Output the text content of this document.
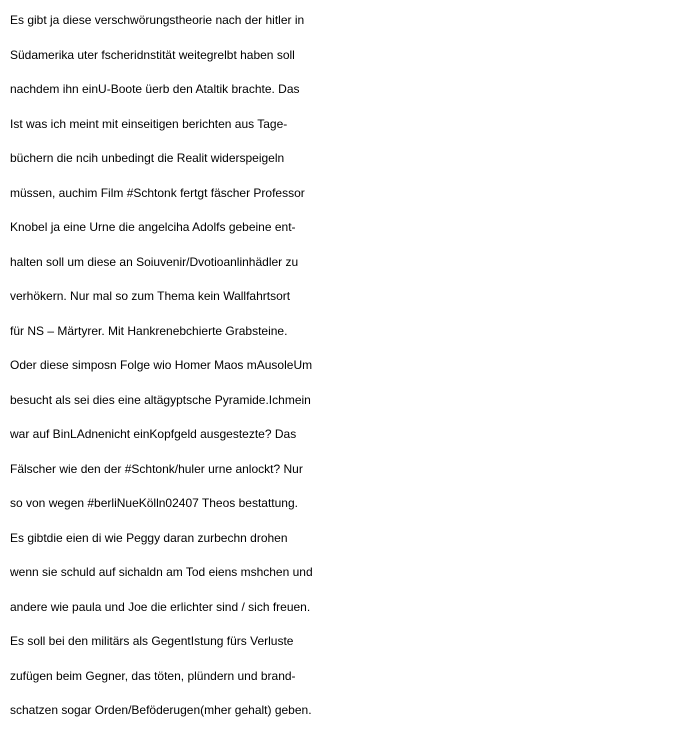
Es gibt ja diese verschwörungstheorie nach der hitler in
Südamerika uter fscheridnstität weitegrelbt haben soll
nachdem ihn einU-Boote üerb den Ataltik brachte. Das
Ist was ich meint mit einseitigen berichten aus Tage-
büchern die ncih unbedingt die Realit widerspeigeln
müssen, auchim Film #Schtonk fertgt fäscher Professor
Knobel ja eine Urne die angelciha Adolfs gebeine ent-
halten soll um diese an Soiuvenir/Dvotioanlinhädler zu
verhökern. Nur mal so zum Thema kein Wallfahrtsort
für NS – Märtyrer. Mit Hankrenebchierte Grabsteine.
Oder diese simposn Folge wio Homer Maos mAusoleUm
besucht als sei dies eine altägyptsche Pyramide.Ichmein
war auf BinLAdnenicht einKopfgeld ausgestezte? Das
Fälscher wie den der #Schtonk/huler urne anlockt? Nur
so von wegen #berliNueKölln02407 Theos bestattung.
Es gibtdie eien di wie Peggy daran zurbechn drohen
wenn sie schuld auf sichaldn am Tod eiens mshchen und
andere wie paula und Joe die erlichter sind / sich freuen.
Es soll bei den militärs als GegentIstung fürs Verluste
zufügen beim Gegner, das töten, plündern und brand-
schatzen sogar Orden/Beföderugen(mher gehalt) geben.
